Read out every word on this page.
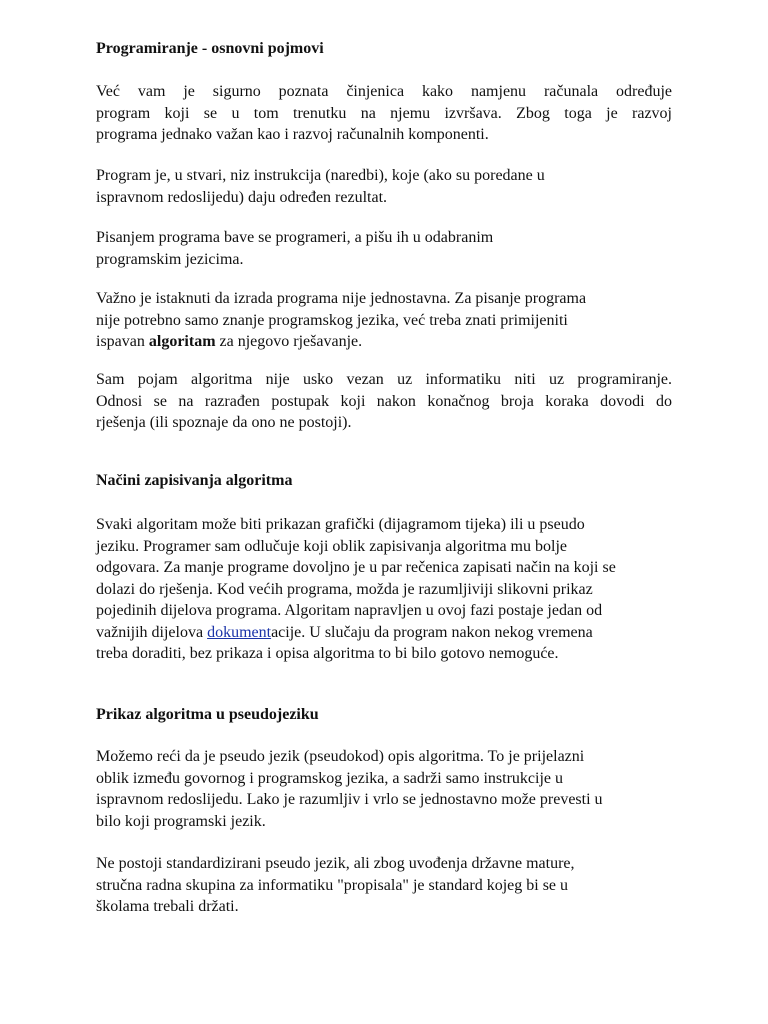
Programiranje - osnovni pojmovi
Već vam je sigurno poznata činjenica kako namjenu računala određuje
program koji se u tom trenutku na njemu izvršava. Zbog toga je razvoj
programa jednako važan kao i razvoj računalnih komponenti.
Program je, u stvari, niz instrukcija (naredbi), koje (ako su poredane u
ispravnom redoslijedu) daju određen rezultat.
Pisanjem programa bave se programeri, a pišu ih u odabranim
programskim jezicima.
Važno je istaknuti da izrada programa nije jednostavna. Za pisanje programa
nije potrebno samo znanje programskog jezika, već treba znati primijeniti
ispavan algoritam za njegovo rješavanje.
Sam pojam algoritma nije usko vezan uz informatiku niti uz programiranje.
Odnosi se na razrađen postupak koji nakon konačnog broja koraka dovodi do
rješenja (ili spoznaje da ono ne postoji).
Načini zapisivanja algoritma
Svaki algoritam može biti prikazan grafički (dijagramom tijeka) ili u pseudo
jeziku. Programer sam odlučuje koji oblik zapisivanja algoritma mu bolje
odgovara. Za manje programe dovoljno je u par rečenica zapisati način na koji se
dolazi do rješenja. Kod većih programa, možda je razumljiviji slikovni prikaz
pojedinih dijelova programa. Algoritam napravljen u ovoj fazi postaje jedan od
važnijih dijelova dokumentacije. U slučaju da program nakon nekog vremena
treba doraditi, bez prikaza i opisa algoritma to bi bilo gotovo nemoguće.
Prikaz algoritma u pseudojeziku
Možemo reći da je pseudo jezik (pseudokod) opis algoritma. To je prijelazni
oblik između govornog i programskog jezika, a sadrži samo instrukcije u
ispravnom redoslijedu. Lako je razumljiv i vrlo se jednostavno može prevesti u
bilo koji programski jezik.
Ne postoji standardizirani pseudo jezik, ali zbog uvođenja državne mature,
stručna radna skupina za informatiku "propisala" je standard kojeg bi se u
školama trebali držati.
